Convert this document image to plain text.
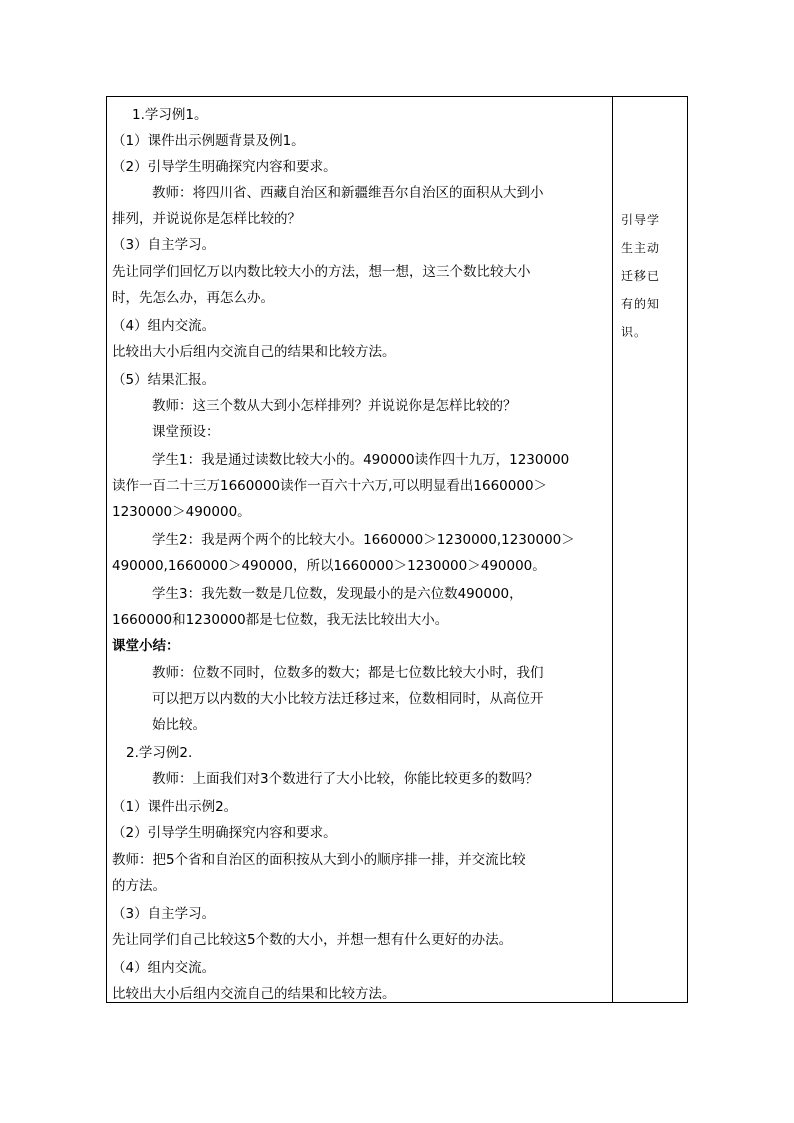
1.学习例1。
（1）课件出示例题背景及例1。
（2）引导学生明确探究内容和要求。
教师：将四川省、西藏自治区和新疆维吾尔自治区的面积从大到小
排列，并说说你是怎样比较的？
（3）自主学习。
先让同学们回忆万以内数比较大小的方法，想一想，这三个数比较大小
时，先怎么办，再怎么办。
（4）组内交流。
比较出大小后组内交流自己的结果和比较方法。
（5）结果汇报。
教师：这三个数从大到小怎样排列？并说说你是怎样比较的？
课堂预设：
学生1：我是通过读数比较大小的。490000读作四十九万，1230000
读作一百二十三万1660000读作一百六十六万,可以明显看出1660000＞
1230000＞490000。
学生2：我是两个两个的比较大小。1660000＞1230000,1230000＞
490000,1660000＞490000，所以1660000＞1230000＞490000。
学生3：我先数一数是几位数，发现最小的是六位数490000，
1660000和1230000都是七位数，我无法比较出大小。
课堂小结：
教师：位数不同时，位数多的数大；都是七位数比较大小时，我们
可以把万以内数的大小比较方法迁移过来，位数相同时，从高位开
始比较。
2.学习例2.
教师：上面我们对3个数进行了大小比较，你能比较更多的数吗？
（1）课件出示例2。
（2）引导学生明确探究内容和要求。
教师：把5个省和自治区的面积按从大到小的顺序排一排，并交流比较
的方法。
（3）自主学习。
先让同学们自己比较这5个数的大小，并想一想有什么更好的办法。
（4）组内交流。
比较出大小后组内交流自己的结果和比较方法。
引导学
生主动
迁移已
有的知
识。
